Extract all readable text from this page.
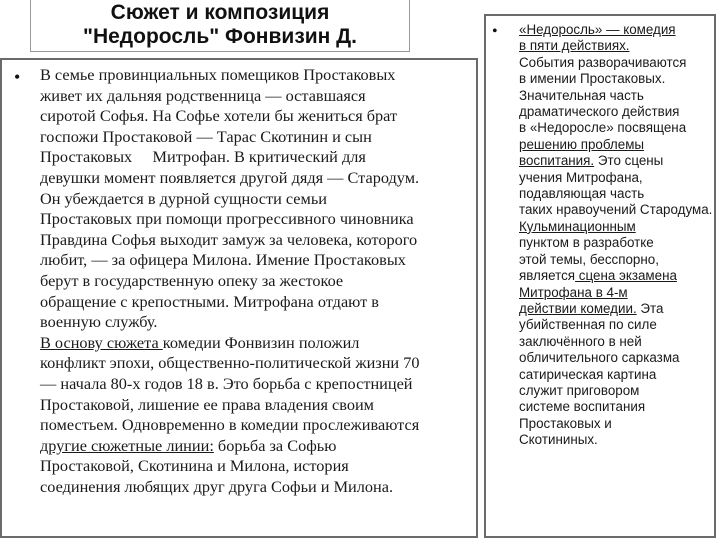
Сюжет и композиция
"Недоросль" Фонвизин Д.
• В семье провинциальных помещиков Простаковых
живет их дальняя родственница — оставшаяся
сиротой Софья. На Софье хотели бы жениться брат
госпожи Простаковой — Тарас Скотинин и сын
Простаковых     Митрофан. В критический для
девушки момент появляется другой дядя — Стародум.
Он убеждается в дурной сущности семьи
Простаковых при помощи прогрессивного чиновника
Правдина Софья выходит замуж за человека, которого
любит, — за офицера Милона. Имение Простаковых
берут в государственную опеку за жестокое
обращение с крепостными. Митрофана отдают в
военную службу.
В основу сюжета комедии Фонвизин положил
конфликт эпохи, общественно-политической жизни 70
— начала 80-х годов 18 в. Это борьба с крепостницей
Простаковой, лишение ее права владения своим
поместьем. Одновременно в комедии прослеживаются
другие сюжетные линии: борьба за Софью
Простаковой, Скотинина и Милона, история
соединения любящих друг друга Софьи и Милона.
• «Недоросль» — комедия
в пяти действиях.
События разворачиваются
в имении Простаковых.
Значительная часть
драматического действия
в «Недоросле» посвящена
решению проблемы
воспитания. Это сцены
учения Митрофана,
подавляющая часть
таких нравоучений Стародума.
Кульминационным
пунктом в разработке
этой темы, бесспорно,
является сцена экзамена
Митрофана в 4-м
действии комедии. Эта
убийственная по силе
заключённого в ней
обличительного сарказма
сатирическая картина
служит приговором
системе воспитания
Простаковых и
Скотининых.
